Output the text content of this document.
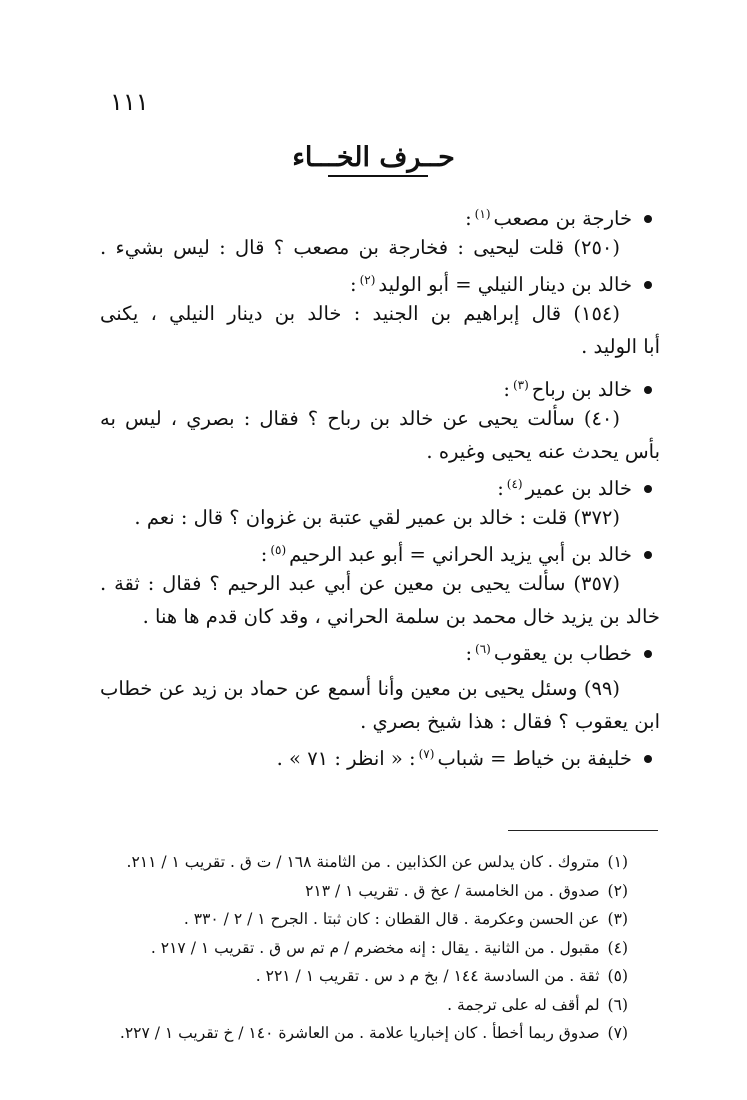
١١١
حــرف الخـــاء
خارجة بن مصعب$^{(١)}$:
(٢٥٠) قلت ليحيى : فخارجة بن مصعب ؟ قال : ليس بشيء .
خالد بن دينار النيلي = أبو الوليد$^{(٢)}$:
(١٥٤) قال إبراهيم بن الجنيد : خالد بن دينار النيلي ، يكنى
أبا الوليد .
خالد بن رباح$^{(٣)}$:
(٤٠) سألت يحيى عن خالد بن رباح ؟ فقال : بصري ، ليس به
بأس يحدث عنه يحيى وغيره .
خالد بن عمير$^{(٤)}$:
(٣٧٢) قلت : خالد بن عمير لقي عتبة بن غزوان ؟ قال : نعم .
خالد بن أبي يزيد الحراني = أبو عبد الرحيم$^{(٥)}$:
(٣٥٧) سألت يحيى بن معين عن أبي عبد الرحيم ؟ فقال : ثقة .
خالد بن يزيد خال محمد بن سلمة الحراني ، وقد كان قدم ها هنا .
خطاب بن يعقوب$^{(٦)}$:
(٩٩) وسئل يحيى بن معين وأنا أسمع عن حماد بن زيد عن خطاب
ابن يعقوب ؟ فقال : هذا شيخ بصري .
خليفة بن خياط = شباب$^{(٧)}$: « انظر : ٧١ » .
(١)متروك . كان يدلس عن الكذابين . من الثامنة ١٦٨ / ت ق . تقريب ١ / ٢١١.
(٢)صدوق . من الخامسة / عخ ق . تقريب ١ / ٢١٣
(٣)عن الحسن وعكرمة . قال القطان : كان ثبتا . الجرح ١ / ٢ / ٣٣٠ .
(٤)مقبول . من الثانية . يقال : إنه مخضرم / م تم س ق . تقريب ١ / ٢١٧ .
(٥)ثقة . من السادسة ١٤٤ / بخ م د س . تقريب ١ / ٢٢١ .
(٦)لم أقف له على ترجمة .
(٧)صدوق ربما أخطأ . كان إخباريا علامة . من العاشرة ١٤٠ / خ تقريب ١ / ٢٢٧.
